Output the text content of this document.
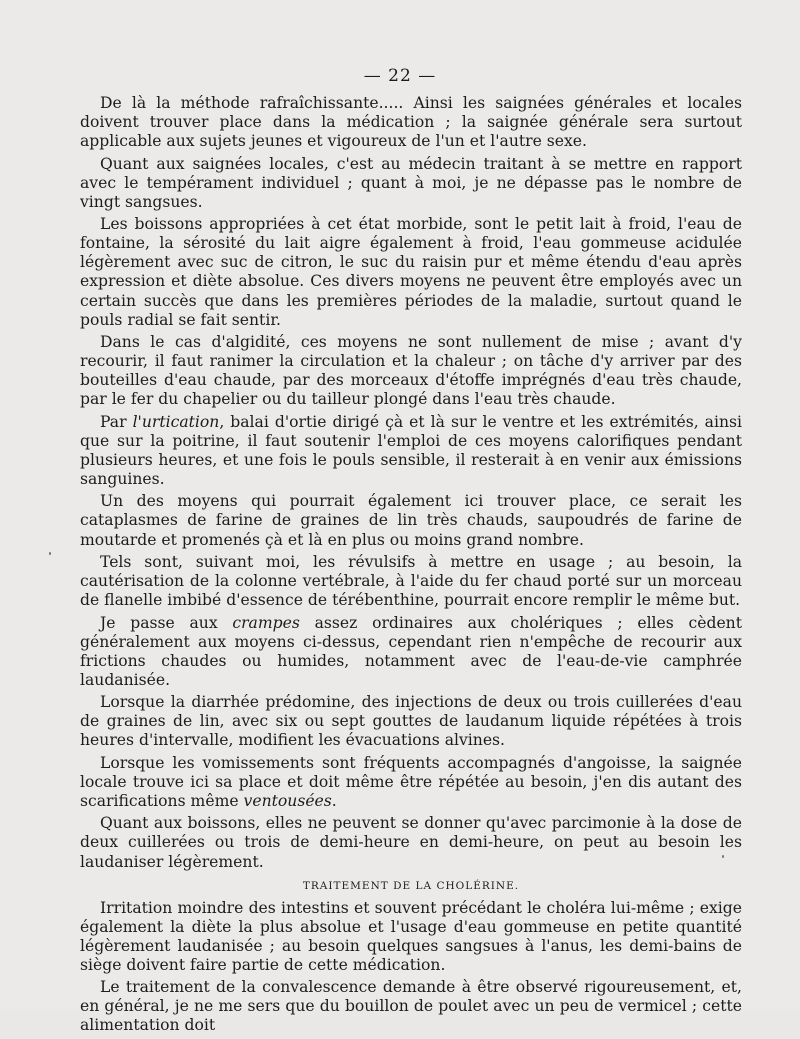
— 22 —

De là la méthode rafraîchissante..... Ainsi les saignées générales et locales doivent trouver place dans la médication ; la saignée générale sera surtout applicable aux sujets jeunes et vigoureux de l'un et l'autre sexe.

Quant aux saignées locales, c'est au médecin traitant à se mettre en rapport avec le tempérament individuel ; quant à moi, je ne dépasse pas le nombre de vingt sangsues.

Les boissons appropriées à cet état morbide, sont le petit lait à froid, l'eau de fontaine, la sérosité du lait aigre également à froid, l'eau gommeuse acidulée légèrement avec suc de citron, le suc du raisin pur et même étendu d'eau après expression et diète absolue. Ces divers moyens ne peuvent être employés avec un certain succès que dans les premières périodes de la maladie, surtout quand le pouls radial se fait sentir.

Dans le cas d'algidité, ces moyens ne sont nullement de mise ; avant d'y recourir, il faut ranimer la circulation et la chaleur ; on tâche d'y arriver par des bouteilles d'eau chaude, par des morceaux d'étoffe imprégnés d'eau très chaude, par le fer du chapelier ou du tailleur plongé dans l'eau très chaude.

Par l'urtication, balai d'ortie dirigé çà et là sur le ventre et les extrémités, ainsi que sur la poitrine, il faut soutenir l'emploi de ces moyens calorifiques pendant plusieurs heures, et une fois le pouls sensible, il resterait à en venir aux émissions sanguines.

Un des moyens qui pourrait également ici trouver place, ce serait les cataplasmes de farine de graines de lin très chauds, saupoudrés de farine de moutarde et promenés çà et là en plus ou moins grand nombre.

Tels sont, suivant moi, les révulsifs à mettre en usage ; au besoin, la cautérisation de la colonne vertébrale, à l'aide du fer chaud porté sur un morceau de flanelle imbibé d'essence de térébenthine, pourrait encore remplir le même but.

Je passe aux crampes assez ordinaires aux cholériques ; elles cèdent généralement aux moyens ci-dessus, cependant rien n'empêche de recourir aux frictions chaudes ou humides, notamment avec de l'eau-de-vie camphrée laudanisée.

Lorsque la diarrhée prédomine, des injections de deux ou trois cuillerées d'eau de graines de lin, avec six ou sept gouttes de laudanum liquide répétées à trois heures d'intervalle, modifient les évacuations alvines.

Lorsque les vomissements sont fréquents accompagnés d'angoisse, la saignée locale trouve ici sa place et doit même être répétée au besoin, j'en dis autant des scarifications même ventousées.

Quant aux boissons, elles ne peuvent se donner qu'avec parcimonie à la dose de deux cuillerées ou trois de demi-heure en demi-heure, on peut au besoin les laudaniser légèrement.

TRAITEMENT DE LA CHOLÉRINE.

Irritation moindre des intestins et souvent précédant le choléra lui-même ; exige également la diète la plus absolue et l'usage d'eau gommeuse en petite quantité légèrement laudanisée ; au besoin quelques sangsues à l'anus, les demi-bains de siège doivent faire partie de cette médication.

Le traitement de la convalescence demande à être observé rigoureusement, et, en général, je ne me sers que du bouillon de poulet avec un peu de vermicel ; cette alimentation doit
